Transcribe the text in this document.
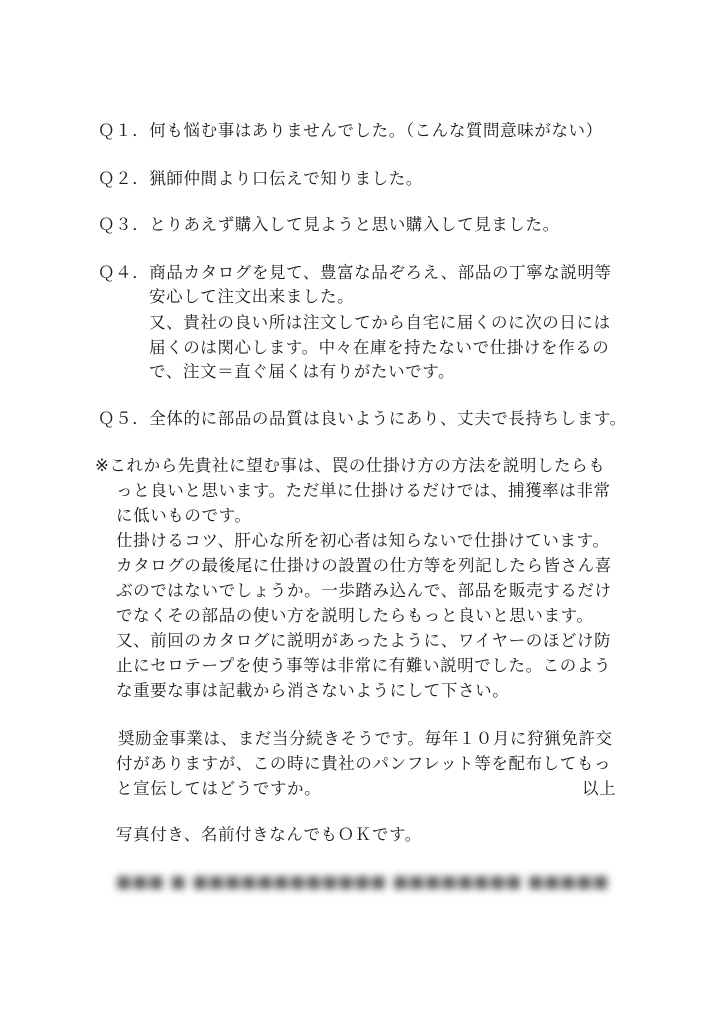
Ｑ１．何も悩む事はありませんでした。（こんな質問意味がない）
Ｑ２．猟師仲間より口伝えで知りました。
Ｑ３．とりあえず購入して見ようと思い購入して見ました。
Ｑ４．商品カタログを見て、豊富な品ぞろえ、部品の丁寧な説明等
安心して注文出来ました。
又、貴社の良い所は注文してから自宅に届くのに次の日には
届くのは関心します。中々在庫を持たないで仕掛けを作るの
で、注文＝直ぐ届くは有りがたいです。
Ｑ５．全体的に部品の品質は良いようにあり、丈夫で長持ちします。
※これから先貴社に望む事は、罠の仕掛け方の方法を説明したらも
っと良いと思います。ただ単に仕掛けるだけでは、捕獲率は非常
に低いものです。
仕掛けるコツ、肝心な所を初心者は知らないで仕掛けています。
カタログの最後尾に仕掛けの設置の仕方等を列記したら皆さん喜
ぶのではないでしょうか。一歩踏み込んで、部品を販売するだけ
でなくその部品の使い方を説明したらもっと良いと思います。
又、前回のカタログに説明があったように、ワイヤーのほどけ防
止にセロテープを使う事等は非常に有難い説明でした。このよう
な重要な事は記載から消さないようにして下さい。
奨励金事業は、まだ当分続きそうです。毎年１０月に狩猟免許交
付がありますが、この時に貴社のパンフレット等を配布してもっ
と宣伝してはどうですか。	以上
写真付き、名前付きなんでもＯＫです。
■■■ ■ ■■■■■■■■■■■■ ■■■■■■■■ ■■■■■
